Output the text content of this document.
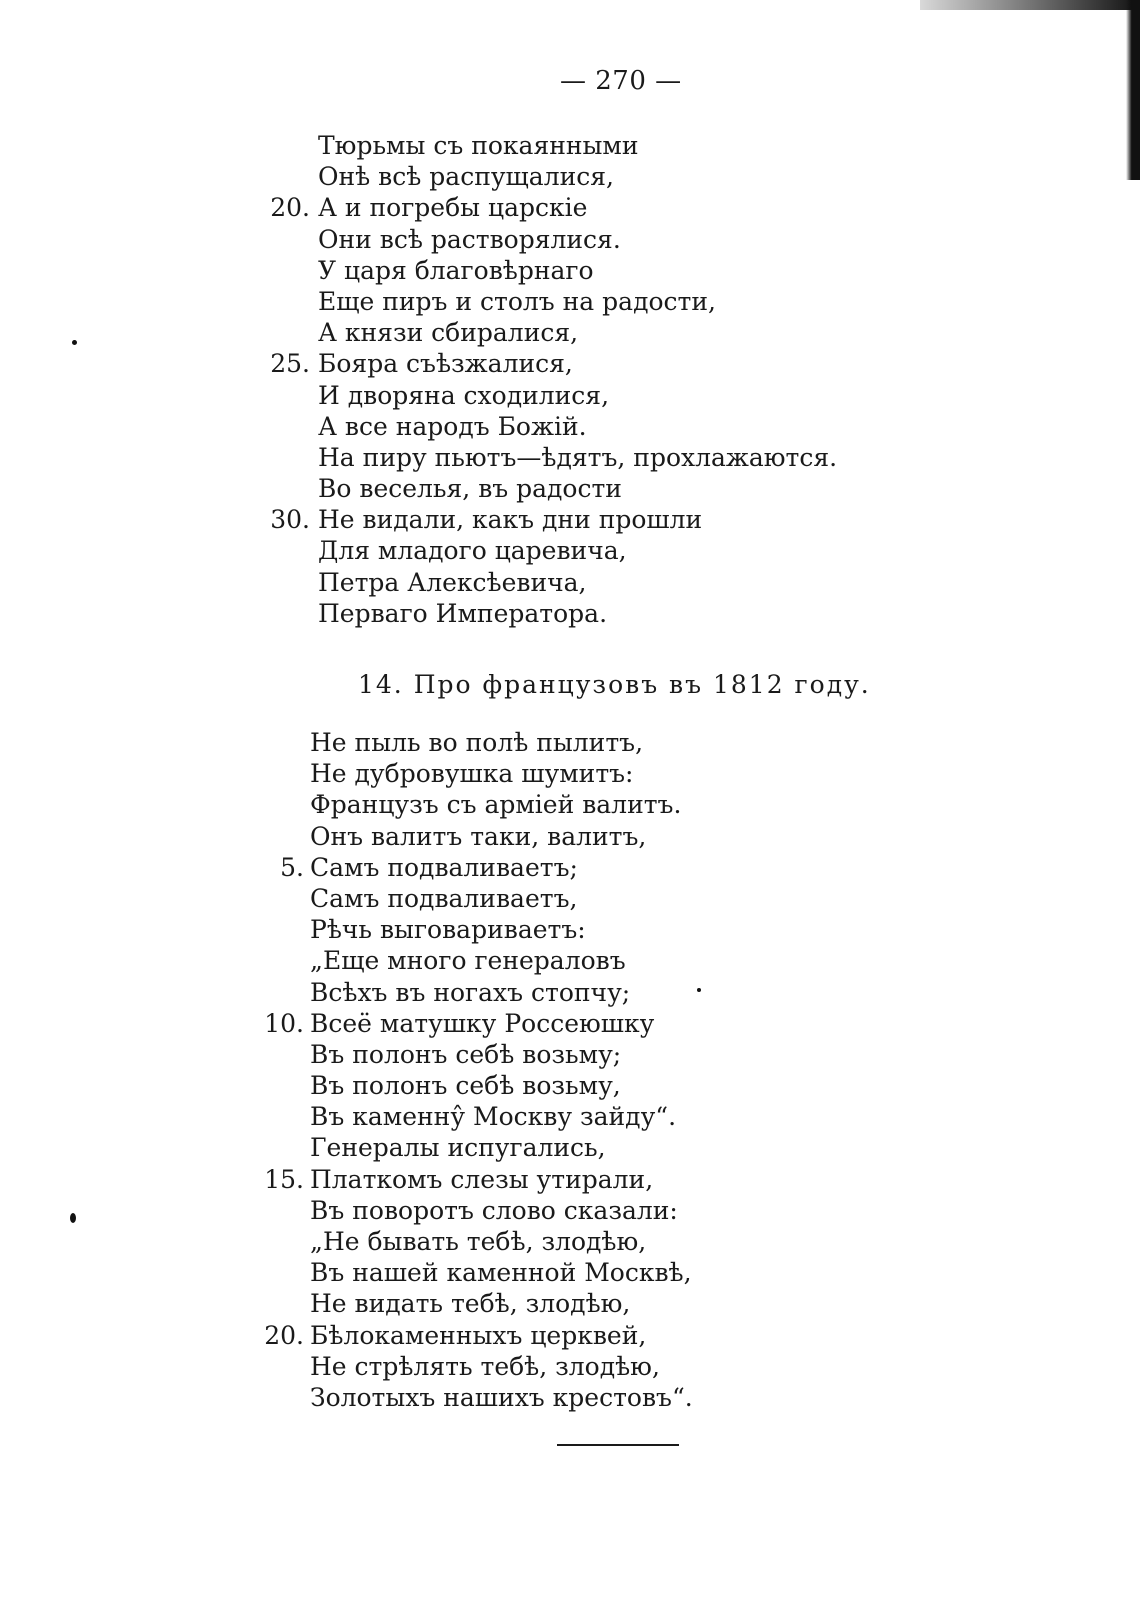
— 270 —
Тюрьмы съ покаянными
Онѣ всѣ распущалися,
20. А и погребы царскіе
Они всѣ растворялися.
У царя благовѣрнаго
Еще пиръ и столъ на радости,
А князи сбиралися,
25. Бояра съѣзжалися,
И дворяна сходилися,
А все народъ Божій.
На пиру пьютъ—ѣдятъ, прохлажаются.
Во веселья, въ радости
30. Не видали, какъ дни прошли
Для младого царевича,
Петра Алексѣевича,
Перваго Императора.
14. Про французовъ въ 1812 году.
Не пыль во полѣ пылитъ,
Не дубровушка шумитъ:
Французъ съ арміей валитъ.
Онъ валитъ таки, валитъ,
5. Самъ подваливаетъ;
Самъ подваливаетъ,
Рѣчь выговариваетъ:
„Еще много генераловъ
Всѣхъ въ ногахъ стопчу;
10. Всеё матушку Россеюшку
Въ полонъ себѣ возьму;
Въ полонъ себѣ возьму,
Въ каменну̂ Москву зайду“.
Генералы испугались,
15. Платкомъ слезы утирали,
Въ поворотъ слово сказали:
„Не бывать тебѣ, злодѣю,
Въ нашей каменной Москвѣ,
Не видать тебѣ, злодѣю,
20. Бѣлокаменныхъ церквей,
Не стрѣлять тебѣ, злодѣю,
Золотыхъ нашихъ крестовъ“.
